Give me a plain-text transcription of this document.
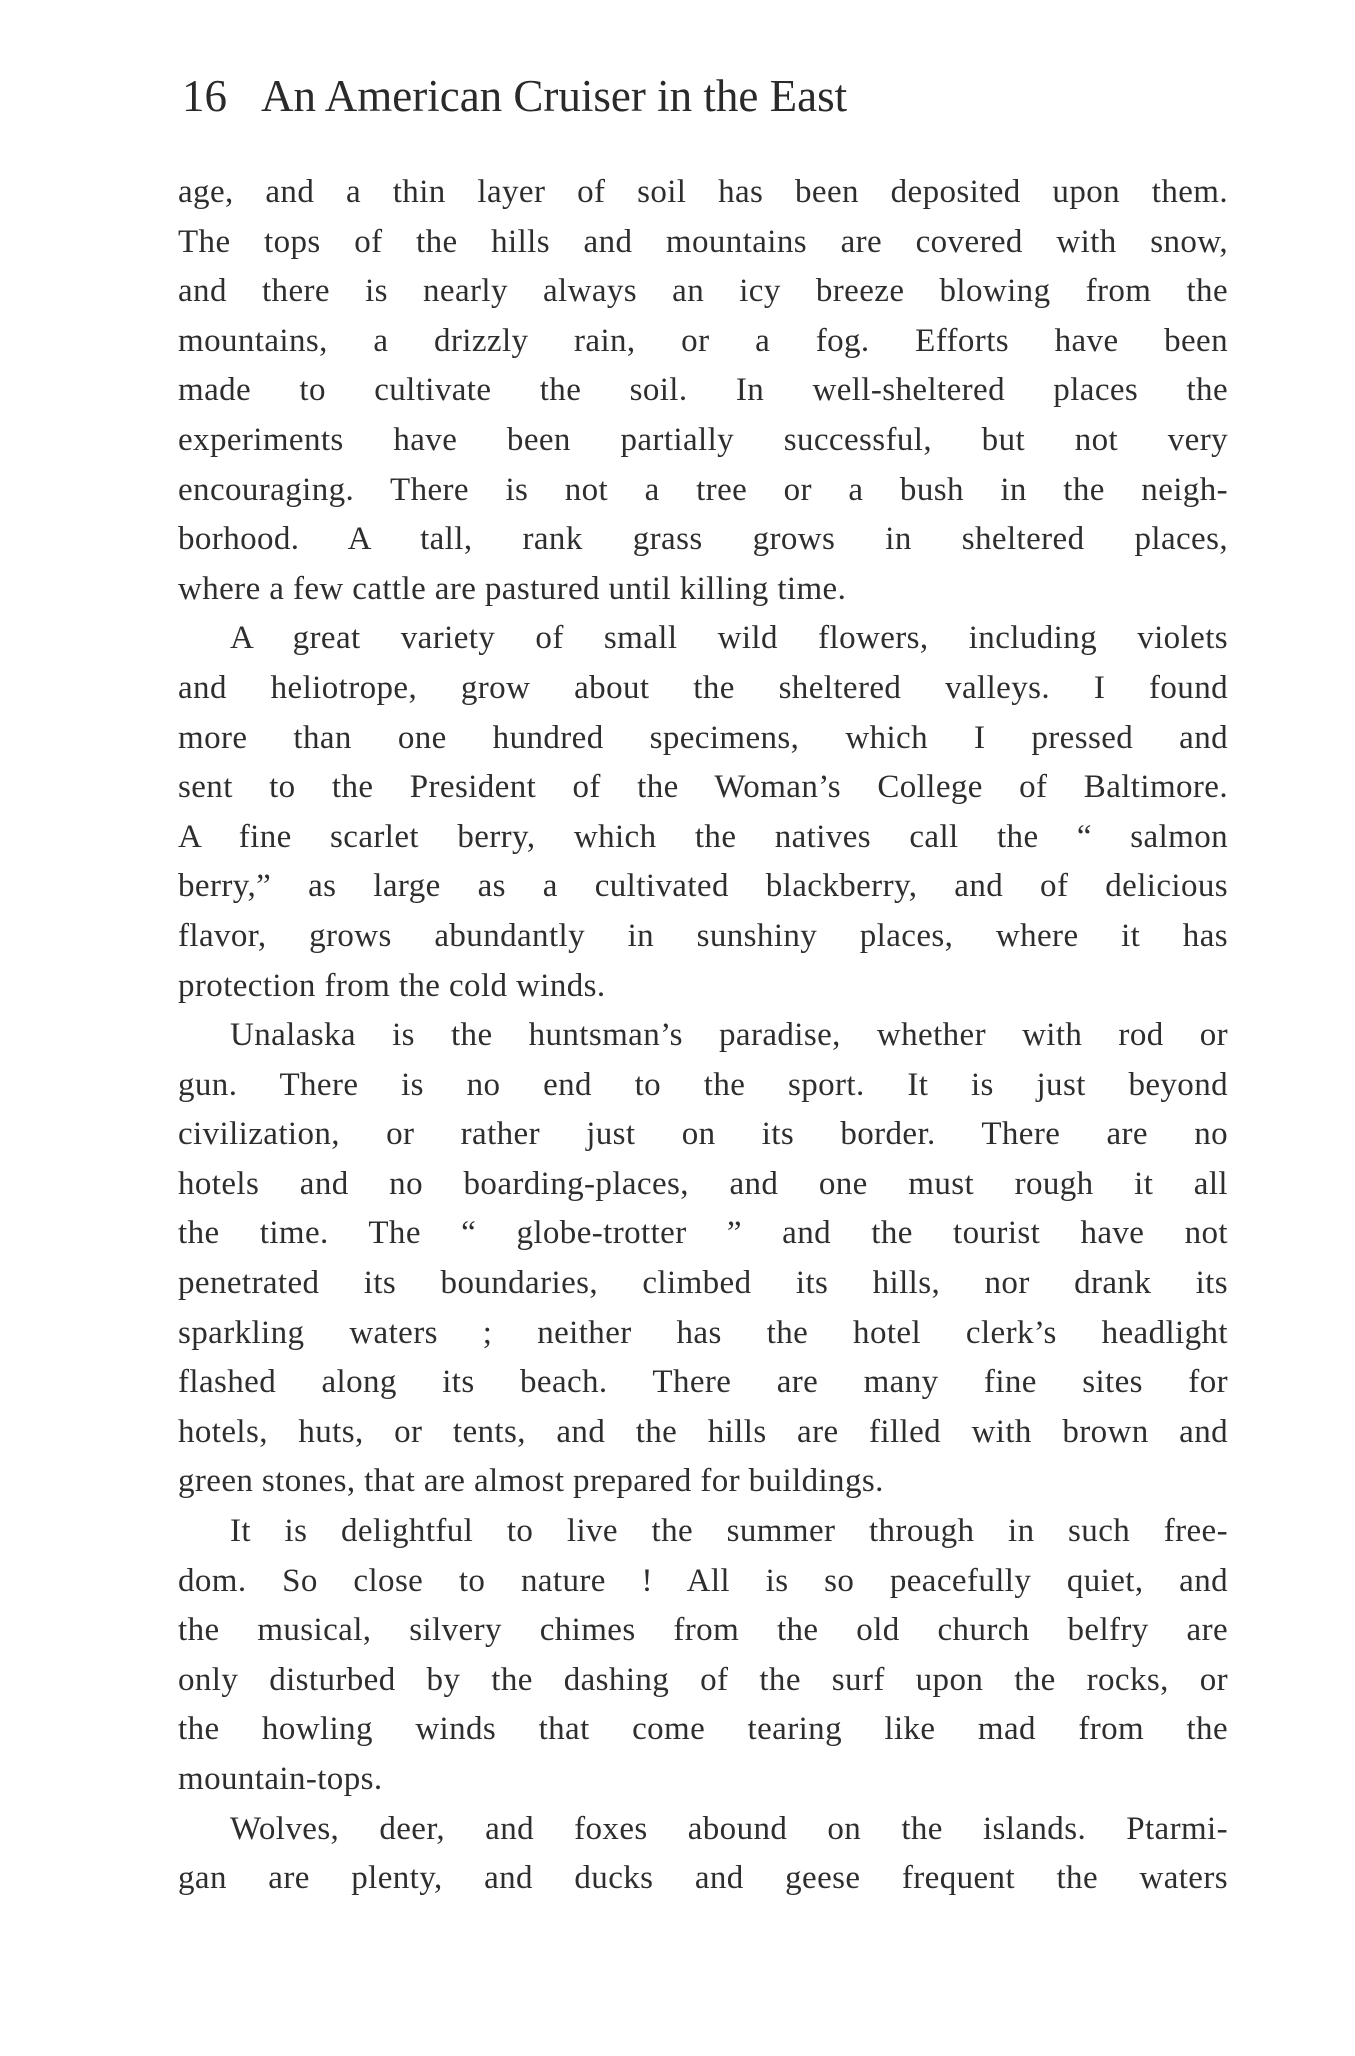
16 An American Cruiser in the East
age, and a thin layer of soil has been deposited upon them.
The tops of the hills and mountains are covered with snow,
and there is nearly always an icy breeze blowing from the
mountains, a drizzly rain, or a fog. Efforts have been
made to cultivate the soil. In well-sheltered places the
experiments have been partially successful, but not very
encouraging. There is not a tree or a bush in the neigh-
borhood. A tall, rank grass grows in sheltered places,
where a few cattle are pastured until killing time.
A great variety of small wild flowers, including violets
and heliotrope, grow about the sheltered valleys. I found
more than one hundred specimens, which I pressed and
sent to the President of the Woman’s College of Baltimore.
A fine scarlet berry, which the natives call the “ salmon
berry,” as large as a cultivated blackberry, and of delicious
flavor, grows abundantly in sunshiny places, where it has
protection from the cold winds.
Unalaska is the huntsman’s paradise, whether with rod or
gun. There is no end to the sport. It is just beyond
civilization, or rather just on its border. There are no
hotels and no boarding-places, and one must rough it all
the time. The “ globe-trotter ” and the tourist have not
penetrated its boundaries, climbed its hills, nor drank its
sparkling waters ; neither has the hotel clerk’s headlight
flashed along its beach. There are many fine sites for
hotels, huts, or tents, and the hills are filled with brown and
green stones, that are almost prepared for buildings.
It is delightful to live the summer through in such free-
dom. So close to nature ! All is so peacefully quiet, and
the musical, silvery chimes from the old church belfry are
only disturbed by the dashing of the surf upon the rocks, or
the howling winds that come tearing like mad from the
mountain-tops.
Wolves, deer, and foxes abound on the islands. Ptarmi-
gan are plenty, and ducks and geese frequent the waters
